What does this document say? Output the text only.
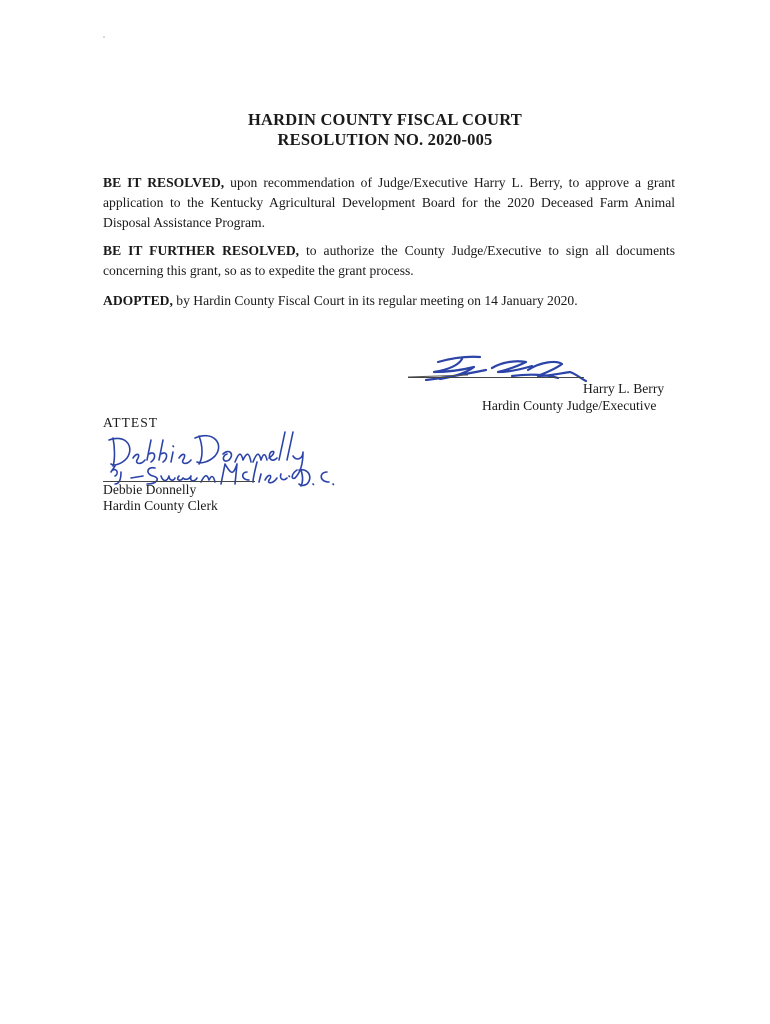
HARDIN COUNTY FISCAL COURT
RESOLUTION NO. 2020-005
BE IT RESOLVED, upon recommendation of Judge/Executive Harry L. Berry, to approve a grant application to the Kentucky Agricultural Development Board for the 2020 Deceased Farm Animal Disposal Assistance Program.
BE IT FURTHER RESOLVED, to authorize the County Judge/Executive to sign all documents concerning this grant, so as to expedite the grant process.
ADOPTED, by Hardin County Fiscal Court in its regular meeting on 14 January 2020.
Harry L. Berry
Hardin County Judge/Executive
ATTEST
Debbie Donnelly
Hardin County Clerk
